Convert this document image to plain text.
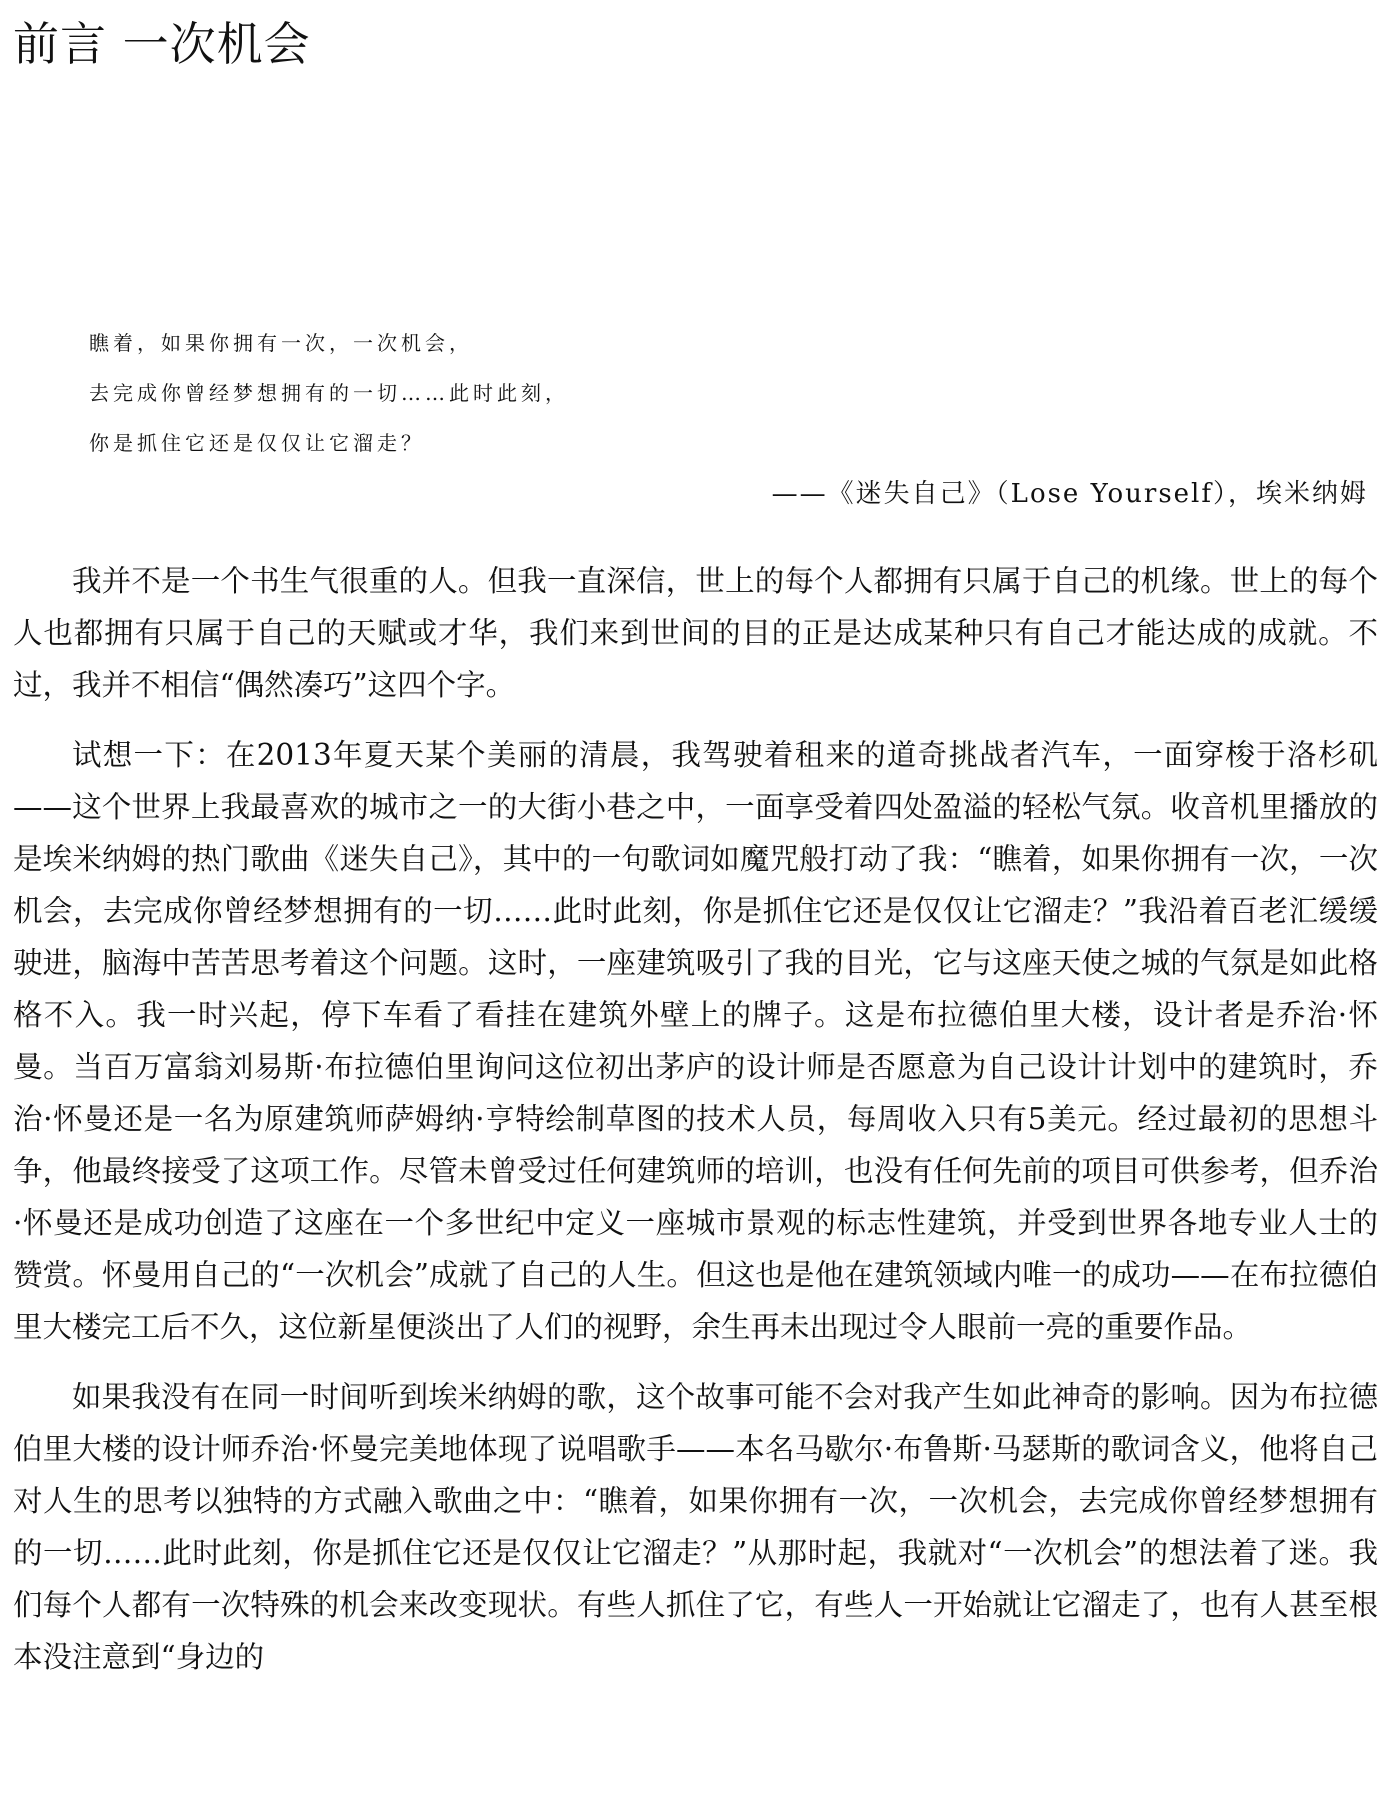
前言 一次机会

瞧着，如果你拥有一次，一次机会，

去完成你曾经梦想拥有的一切……此时此刻，

你是抓住它还是仅仅让它溜走？

——《迷失自己》（Lose Yourself），埃米纳姆

我并不是一个书生气很重的人。但我一直深信，世上的每个人都拥有只属于自己的机缘。世上的每个人也都拥有只属于自己的天赋或才华，我们来到世间的目的正是达成某种只有自己才能达成的成就。不过，我并不相信“偶然凑巧”这四个字。

试想一下：在2013年夏天某个美丽的清晨，我驾驶着租来的道奇挑战者汽车，一面穿梭于洛杉矶——这个世界上我最喜欢的城市之一的大街小巷之中，一面享受着四处盈溢的轻松气氛。收音机里播放的是埃米纳姆的热门歌曲《迷失自己》，其中的一句歌词如魔咒般打动了我：“瞧着，如果你拥有一次，一次机会，去完成你曾经梦想拥有的一切……此时此刻，你是抓住它还是仅仅让它溜走？”我沿着百老汇缓缓驶进，脑海中苦苦思考着这个问题。这时，一座建筑吸引了我的目光，它与这座天使之城的气氛是如此格格不入。我一时兴起，停下车看了看挂在建筑外壁上的牌子。这是布拉德伯里大楼，设计者是乔治·怀曼。当百万富翁刘易斯·布拉德伯里询问这位初出茅庐的设计师是否愿意为自己设计计划中的建筑时，乔治·怀曼还是一名为原建筑师萨姆纳·亨特绘制草图的技术人员，每周收入只有5美元。经过最初的思想斗争，他最终接受了这项工作。尽管未曾受过任何建筑师的培训，也没有任何先前的项目可供参考，但乔治·怀曼还是成功创造了这座在一个多世纪中定义一座城市景观的标志性建筑，并受到世界各地专业人士的赞赏。怀曼用自己的“一次机会”成就了自己的人生。但这也是他在建筑领域内唯一的成功——在布拉德伯里大楼完工后不久，这位新星便淡出了人们的视野，余生再未出现过令人眼前一亮的重要作品。

如果我没有在同一时间听到埃米纳姆的歌，这个故事可能不会对我产生如此神奇的影响。因为布拉德伯里大楼的设计师乔治·怀曼完美地体现了说唱歌手——本名马歇尔·布鲁斯·马瑟斯的歌词含义，他将自己对人生的思考以独特的方式融入歌曲之中：“瞧着，如果你拥有一次，一次机会，去完成你曾经梦想拥有的一切……此时此刻，你是抓住它还是仅仅让它溜走？”从那时起，我就对“一次机会”的想法着了迷。我们每个人都有一次特殊的机会来改变现状。有些人抓住了它，有些人一开始就让它溜走了，也有人甚至根本没注意到“身边的
